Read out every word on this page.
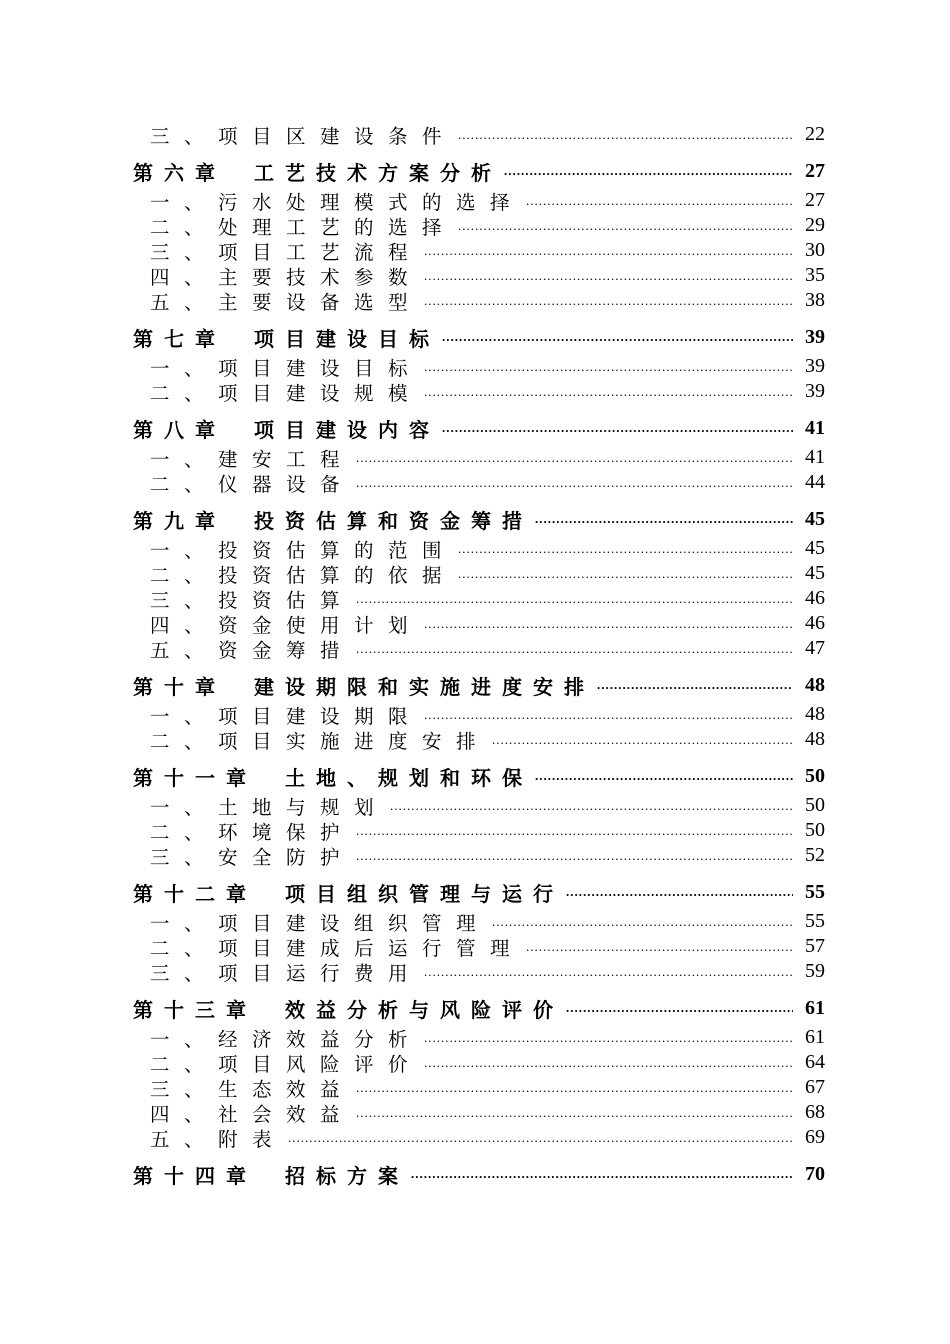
三、项目区建设条件 .....	22
第六章 工艺技术方案分析 .....	27
一、污水处理模式的选择 .....	27
二、处理工艺的选择 .....	29
三、项目工艺流程 .....	30
四、主要技术参数 .....	35
五、主要设备选型 .....	38
第七章 项目建设目标 .....	39
一、项目建设目标 .....	39
二、项目建设规模 .....	39
第八章 项目建设内容 .....	41
一、建安工程 .....	41
二、仪器设备 .....	44
第九章 投资估算和资金筹措 .....	45
一、投资估算的范围 .....	45
二、投资估算的依据 .....	45
三、投资估算 .....	46
四、资金使用计划 .....	46
五、资金筹措 .....	47
第十章 建设期限和实施进度安排 .....	48
一、项目建设期限 .....	48
二、项目实施进度安排 .....	48
第十一章 土地、规划和环保 .....	50
一、土地与规划 .....	50
二、环境保护 .....	50
三、安全防护 .....	52
第十二章 项目组织管理与运行 .....	55
一、项目建设组织管理 .....	55
二、项目建成后运行管理 .....	57
三、项目运行费用 .....	59
第十三章 效益分析与风险评价 .....	61
一、经济效益分析 .....	61
二、项目风险评价 .....	64
三、生态效益 .....	67
四、社会效益 .....	68
五、附表 .....	69
第十四章 招标方案 .....	70
